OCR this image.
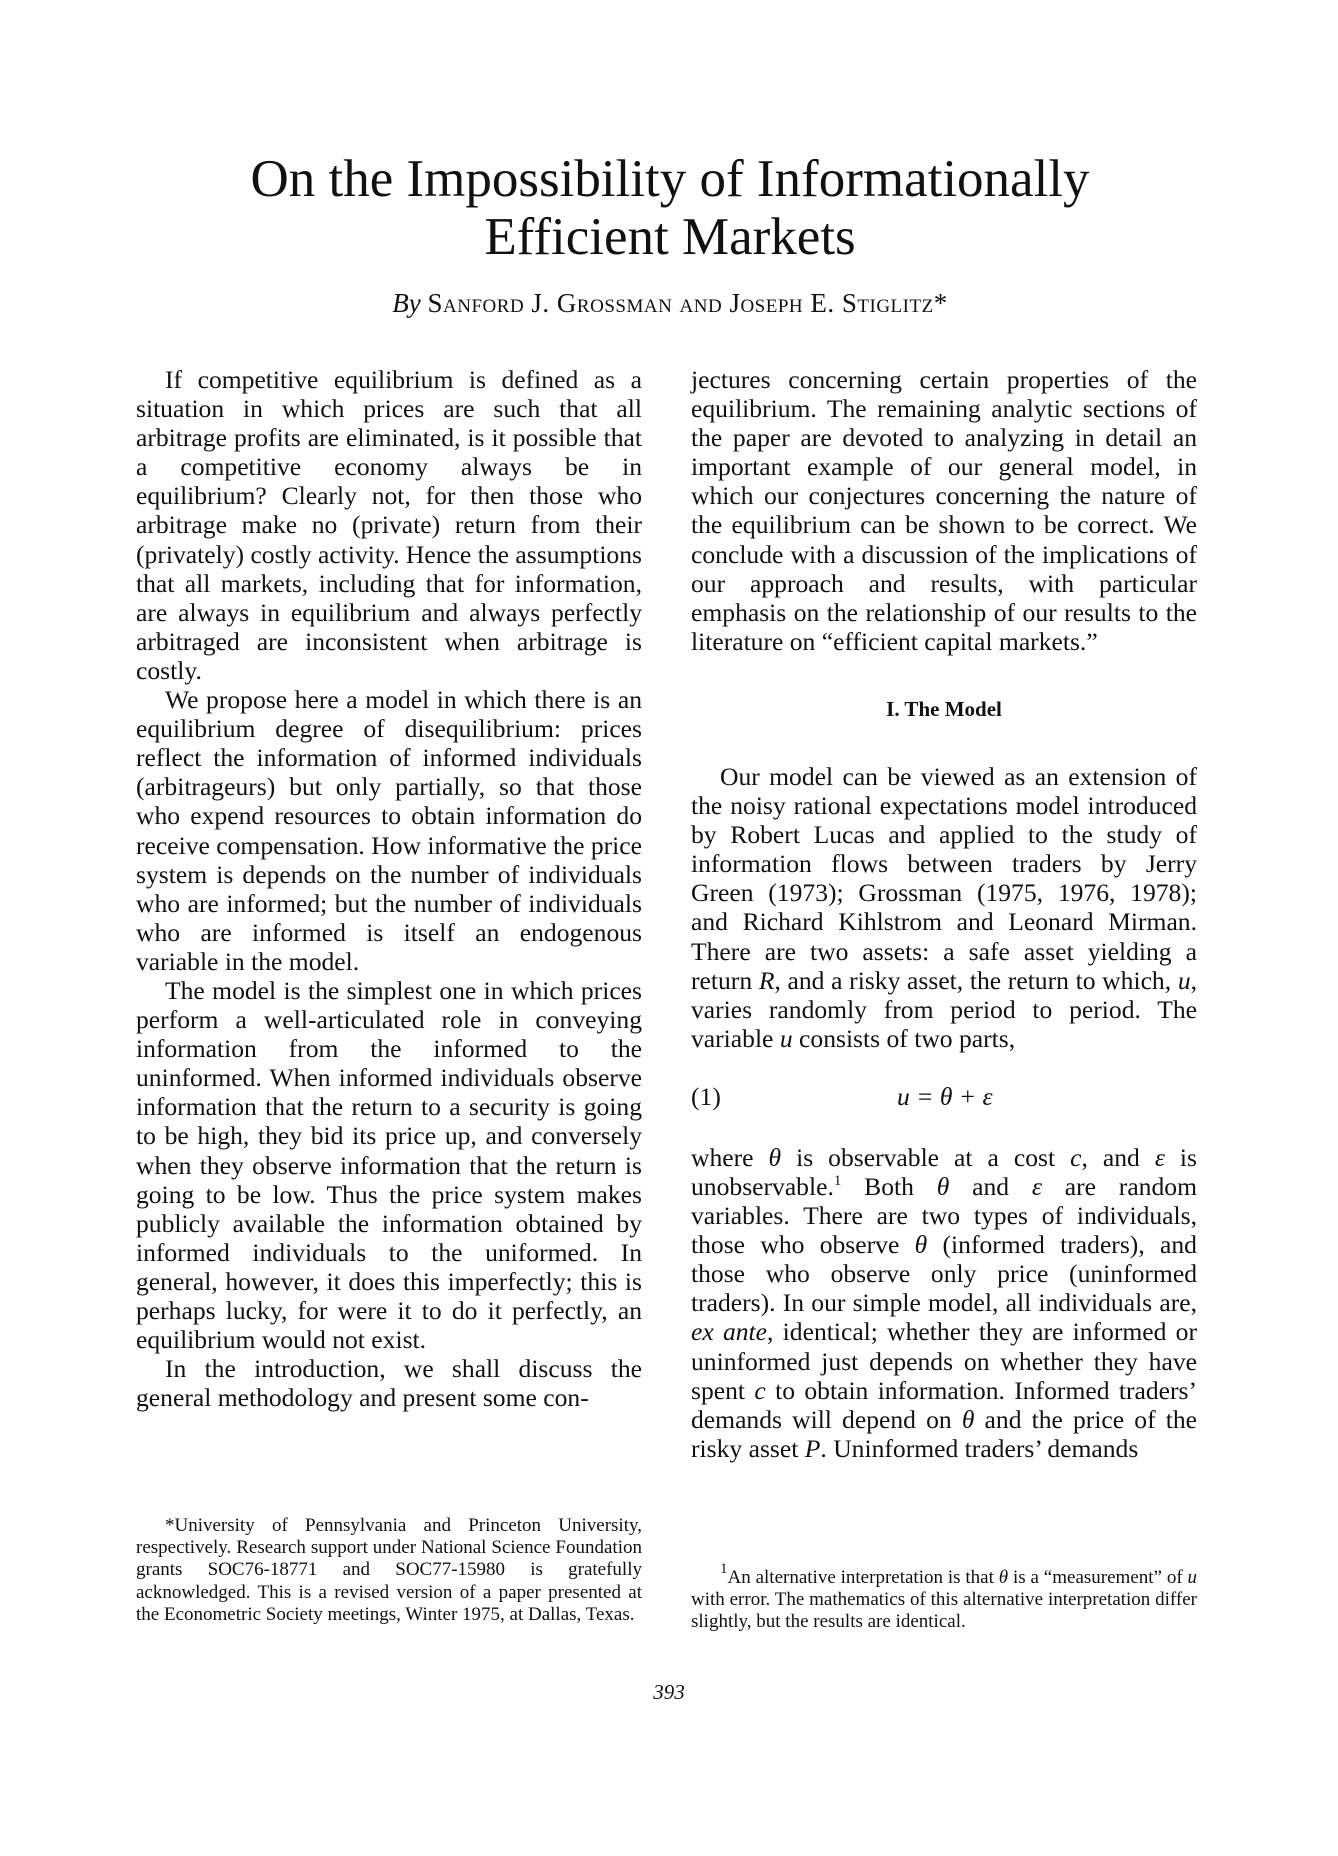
On the Impossibility of Informationally
Efficient Markets
By Sanford J. Grossman and Joseph E. Stiglitz*

If competitive equilibrium is defined as a situation in which prices are such that all arbitrage profits are eliminated, is it possible that a competitive economy always be in equilibrium? Clearly not, for then those who arbitrage make no (private) return from their (privately) costly activity. Hence the assumptions that all markets, including that for information, are always in equilibrium and always perfectly arbitraged are inconsistent when arbitrage is costly.

We propose here a model in which there is an equilibrium degree of disequilibrium: prices reflect the information of informed individuals (arbitrageurs) but only partially, so that those who expend resources to obtain information do receive compensation. How informative the price system is depends on the number of individuals who are informed; but the number of individuals who are informed is itself an endogenous variable in the model.

The model is the simplest one in which prices perform a well-articulated role in conveying information from the informed to the uninformed. When informed individuals observe information that the return to a security is going to be high, they bid its price up, and conversely when they observe information that the return is going to be low. Thus the price system makes publicly available the information obtained by informed individuals to the uniformed. In general, however, it does this imperfectly; this is perhaps lucky, for were it to do it perfectly, an equilibrium would not exist.

In the introduction, we shall discuss the general methodology and present some con-

jectures concerning certain properties of the equilibrium. The remaining analytic sections of the paper are devoted to analyzing in detail an important example of our general model, in which our conjectures concerning the nature of the equilibrium can be shown to be correct. We conclude with a discussion of the implications of our approach and results, with particular emphasis on the relationship of our results to the literature on “efficient capital markets.”

I. The Model

Our model can be viewed as an extension of the noisy rational expectations model introduced by Robert Lucas and applied to the study of information flows between traders by Jerry Green (1973); Grossman (1975, 1976, 1978); and Richard Kihlstrom and Leonard Mirman. There are two assets: a safe asset yielding a return R, and a risky asset, the return to which, u, varies randomly from period to period. The variable u consists of two parts,

(1)	u = θ + ε

where θ is observable at a cost c, and ε is unobservable.$^1$ Both θ and ε are random variables. There are two types of individuals, those who observe θ (informed traders), and those who observe only price (uninformed traders). In our simple model, all individuals are, ex ante, identical; whether they are informed or uninformed just depends on whether they have spent c to obtain information. Informed traders’ demands will depend on θ and the price of the risky asset P. Uninformed traders’ demands

*University of Pennsylvania and Princeton University, respectively. Research support under National Science Foundation grants SOC76-18771 and SOC77-15980 is gratefully acknowledged. This is a revised version of a paper presented at the Econometric Society meetings, Winter 1975, at Dallas, Texas.

$^1$An alternative interpretation is that θ is a “measurement” of u with error. The mathematics of this alternative interpretation differ slightly, but the results are identical.

393
